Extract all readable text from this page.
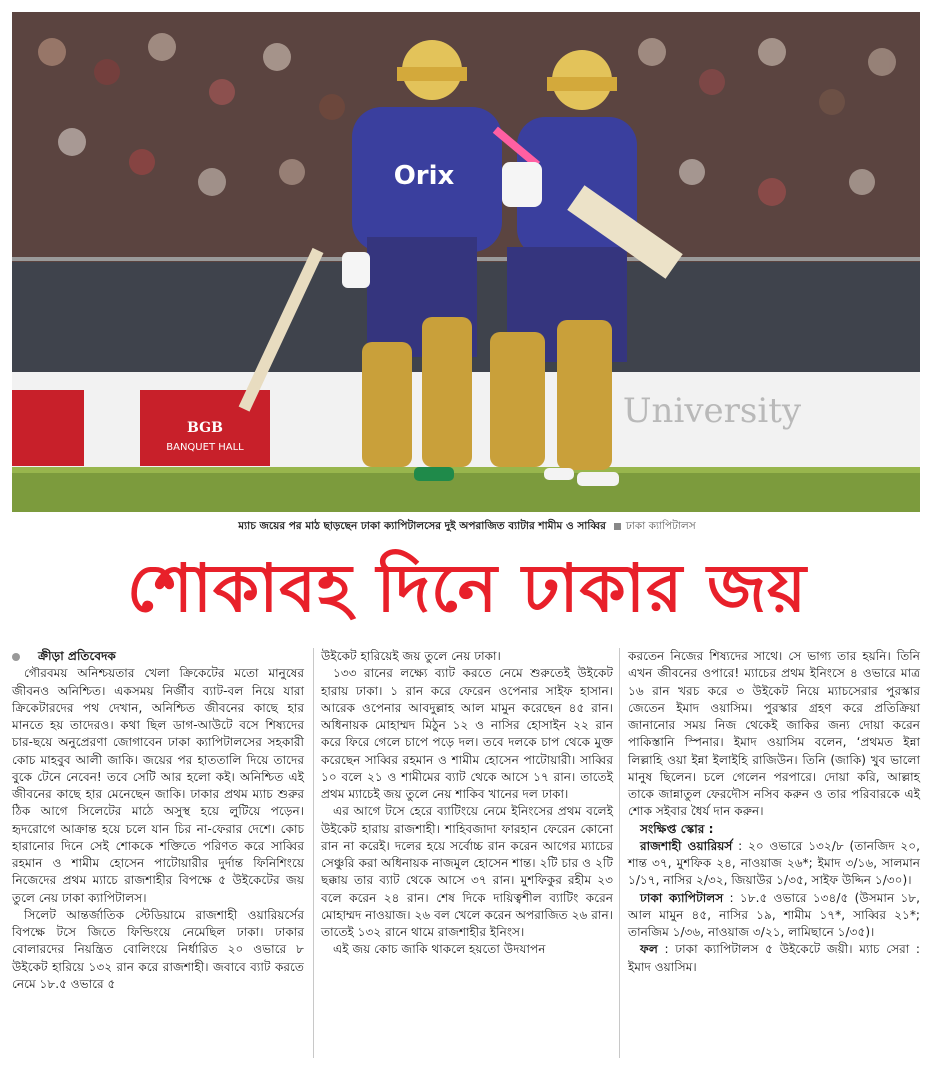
BGB
BANQUET HALL
University
Orix
ম্যাচ জয়ের পর মাঠ ছাড়ছেন ঢাকা ক্যাপিটালসের দুই অপরাজিত ব্যাটার শামীম ও সাব্বির ঢাকা ক্যাপিটালস
শোকাবহ দিনে ঢাকার জয়

ক্রীড়া প্রতিবেদক

গৌরবময় অনিশ্চয়তার খেলা ক্রিকেটের মতো মানুষের জীবনও অনিশ্চিত। একসময় নির্জীব ব্যাট-বল নিয়ে যারা ক্রিকেটারদের পথ দেখান, অনিশ্চিত জীবনের কাছে হার মানতে হয় তাদেরও। কথা ছিল ডাগ-আউটে বসে শিষ্যদের চার-ছয়ে অনুপ্রেরণা জোগাবেন ঢাকা ক্যাপিটালসের সহকারী কোচ মাহবুব আলী জাকি। জয়ের পর হাততালি দিয়ে তাদের বুকে টেনে নেবেন! তবে সেটি আর হলো কই। অনিশ্চিত এই জীবনের কাছে হার মেনেছেন জাকি। ঢাকার প্রথম ম্যাচ শুরুর ঠিক আগে সিলেটের মাঠে অসুস্থ হয়ে লুটিয়ে পড়েন। হৃদরোগে আক্রান্ত হয়ে চলে যান চির না-ফেরার দেশে। কোচ হারানোর দিনে সেই শোককে শক্তিতে পরিণত করে সাব্বির রহমান ও শামীম হোসেন পাটোয়ারীর দুর্দান্ত ফিনিশিংয়ে নিজেদের প্রথম ম্যাচে রাজশাহীর বিপক্ষে ৫ উইকেটের জয় তুলে নেয় ঢাকা ক্যাপিটালস।

সিলেট আন্তর্জাতিক স্টেডিয়ামে রাজশাহী ওয়ারিয়র্সের বিপক্ষে টসে জিতে ফিল্ডিংয়ে নেমেছিল ঢাকা। ঢাকার বোলারদের নিয়ন্ত্রিত বোলিংয়ে নির্ধারিত ২০ ওভারে ৮ উইকেট হারিয়ে ১৩২ রান করে রাজশাহী। জবাবে ব্যাট করতে নেমে ১৮.৫ ওভারে ৫

উইকেট হারিয়েই জয় তুলে নেয় ঢাকা।

১৩৩ রানের লক্ষ্যে ব্যাট করতে নেমে শুরুতেই উইকেট হারায় ঢাকা। ১ রান করে ফেরেন ওপেনার সাইফ হাসান। আরেক ওপেনার আবদুল্লাহ আল মামুন করেছেন ৪৫ রান। অধিনায়ক মোহাম্মদ মিঠুন ১২ ও নাসির হোসাইন ২২ রান করে ফিরে গেলে চাপে পড়ে দল। তবে দলকে চাপ থেকে মুক্ত করেছেন সাব্বির রহমান ও শামীম হোসেন পাটোয়ারী। সাব্বির ১০ বলে ২১ ও শামীমের ব্যাট থেকে আসে ১৭ রান। তাতেই প্রথম ম্যাচেই জয় তুলে নেয় শাকিব খানের দল ঢাকা।

এর আগে টসে হেরে ব্যাটিংয়ে নেমে ইনিংসের প্রথম বলেই উইকেট হারায় রাজশাহী। শাহিবজাদা ফারহান ফেরেন কোনো রান না করেই। দলের হয়ে সর্বোচ্চ রান করেন আগের ম্যাচের সেঞ্চুরি করা অধিনায়ক নাজমুল হোসেন শান্ত। ২টি চার ও ২টি ছক্কায় তার ব্যাট থেকে আসে ৩৭ রান। মুশফিকুর রহীম ২৩ বলে করেন ২৪ রান। শেষ দিকে দায়িত্বশীল ব্যাটিং করেন মোহাম্মদ নাওয়াজ। ২৬ বল খেলে করেন অপরাজিত ২৬ রান। তাতেই ১৩২ রানে থামে রাজশাহীর ইনিংস।

এই জয় কোচ জাকি থাকলে হয়তো উদযাপন

করতেন নিজের শিষ্যদের সাথে। সে ভাগ্য তার হয়নি। তিনি এখন জীবনের ওপারে! ম্যাচের প্রথম ইনিংসে ৪ ওভারে মাত্র ১৬ রান খরচ করে ৩ উইকেট নিয়ে ম্যাচসেরার পুরস্কার জেতেন ইমাদ ওয়াসিম। পুরস্কার গ্রহণ করে প্রতিক্রিয়া জানানোর সময় নিজ থেকেই জাকির জন্য দোয়া করেন পাকিস্তানি স্পিনার। ইমাদ ওয়াসিম বলেন, ‘প্রথমত ইন্না লিল্লাহি ওয়া ইন্না ইলাইহি রাজিউন। তিনি (জাকি) খুব ভালো মানুষ ছিলেন। চলে গেলেন পরপারে। দোয়া করি, আল্লাহ তাকে জান্নাতুল ফেরদৌস নসিব করুন ও তার পরিবারকে এই শোক সইবার ধৈর্য দান করুন।

সংক্ষিপ্ত স্কোর :

রাজশাহী ওয়ারিয়র্স : ২০ ওভারে ১৩২/৮ (তানজিদ ২০, শান্ত ৩৭, মুশফিক ২৪, নাওয়াজ ২৬*; ইমাদ ৩/১৬, সালমান ১/১৭, নাসির ২/৩২, জিয়াউর ১/৩৫, সাইফ উদ্দিন ১/৩০)।

ঢাকা ক্যাপিটালস : ১৮.৫ ওভারে ১৩৪/৫ (উসমান ১৮, আল মামুন ৪৫, নাসির ১৯, শামীম ১৭*, সাব্বির ২১*; তানজিম ১/৩৬, নাওয়াজ ৩/২১, লামিছানে ১/৩৫)।

ফল : ঢাকা ক্যাপিটালস ৫ উইকেটে জয়ী। ম্যাচ সেরা : ইমাদ ওয়াসিম।
